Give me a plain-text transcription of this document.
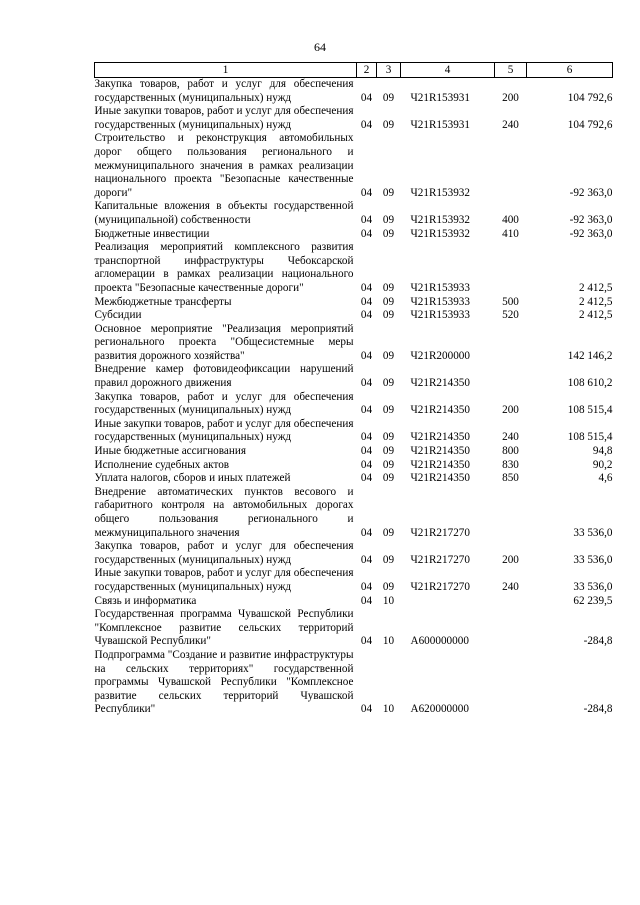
64
1	2	3	4	5	6
Закупка товаров, работ и услуг для обеспечения государственных (муниципальных) нужд	04	09	Ч21R153931	200	104 792,6
Иные закупки товаров, работ и услуг для обеспечения государственных (муниципальных) нужд	04	09	Ч21R153931	240	104 792,6
Строительство и реконструкция автомобильных дорог общего пользования регионального и межмуниципального значения в рамках реализации национального проекта "Безопасные качественные дороги"	04	09	Ч21R153932		-92 363,0
Капитальные вложения в объекты государственной (муниципальной) собственности	04	09	Ч21R153932	400	-92 363,0
Бюджетные инвестиции	04	09	Ч21R153932	410	-92 363,0
Реализация мероприятий комплексного развития транспортной инфраструктуры Чебоксарской агломерации в рамках реализации национального проекта "Безопасные качественные дороги"	04	09	Ч21R153933		2 412,5
Межбюджетные трансферты	04	09	Ч21R153933	500	2 412,5
Субсидии	04	09	Ч21R153933	520	2 412,5
Основное мероприятие "Реализация мероприятий регионального проекта "Общесистемные меры развития дорожного хозяйства"	04	09	Ч21R200000		142 146,2
Внедрение камер фотовидеофиксации нарушений правил дорожного движения	04	09	Ч21R214350		108 610,2
Закупка товаров, работ и услуг для обеспечения государственных (муниципальных) нужд	04	09	Ч21R214350	200	108 515,4
Иные закупки товаров, работ и услуг для обеспечения государственных (муниципальных) нужд	04	09	Ч21R214350	240	108 515,4
Иные бюджетные ассигнования	04	09	Ч21R214350	800	94,8
Исполнение судебных актов	04	09	Ч21R214350	830	90,2
Уплата налогов, сборов и иных платежей	04	09	Ч21R214350	850	4,6
Внедрение автоматических пунктов весового и габаритного контроля на автомобильных дорогах общего пользования регионального и межмуниципального значения	04	09	Ч21R217270		33 536,0
Закупка товаров, работ и услуг для обеспечения государственных (муниципальных) нужд	04	09	Ч21R217270	200	33 536,0
Иные закупки товаров, работ и услуг для обеспечения государственных (муниципальных) нужд	04	09	Ч21R217270	240	33 536,0
Связь и информатика	04	10			62 239,5
Государственная программа Чувашской Республики "Комплексное развитие сельских территорий Чувашской Республики"	04	10	А600000000		-284,8
Подпрограмма "Создание и развитие инфраструктуры на сельских территориях" государственной программы Чувашской Республики "Комплексное развитие сельских территорий Чувашской Республики"	04	10	А620000000		-284,8
